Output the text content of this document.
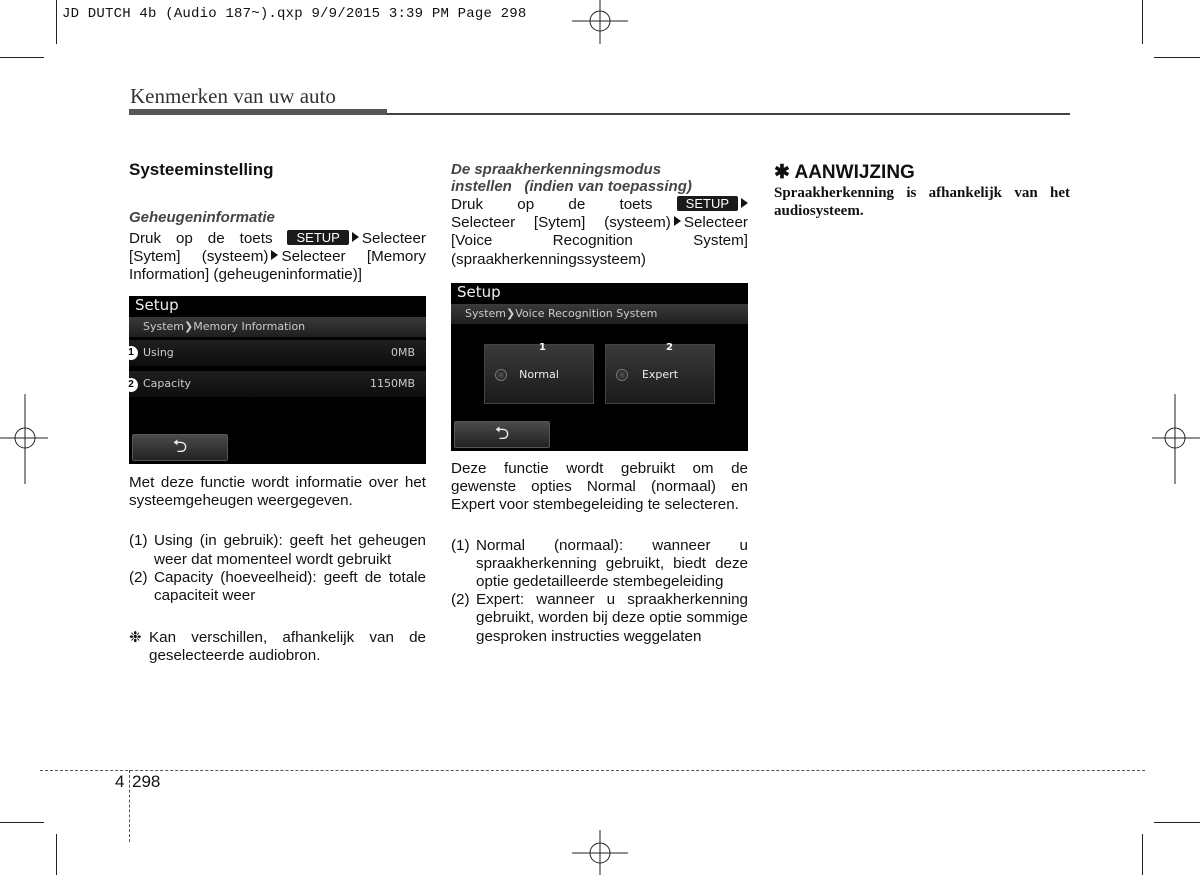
JD DUTCH 4b (Audio 187~).qxp 9/9/2015 3:39 PM Page 298
Kenmerken van uw auto
Systeeminstelling
Geheugeninformatie
Druk op de toets SETUP Selecteer [Sytem] (systeem) Selecteer [Memory Information] (geheugeninformatie)]
Setup
System❯Memory Information
Using	0MB
Capacity	1150MB
⮌
1
2
Met deze functie wordt informatie over het systeemgeheugen weergegeven.
(1) Using (in gebruik): geeft het geheugen weer dat momenteel wordt gebruikt
(2) Capacity (hoeveelheid): geeft de totale capaciteit weer
❉ Kan verschillen, afhankelijk van de geselecteerde audiobron.
De spraakherkenningsmodus
instellen   (indien van toepassing)
Druk op de toets	SETUP

Selecteer [Sytem] (systeem) Selecteer [Voice Recognition System] (spraakherkenningssysteem)
Setup
System❯Voice Recognition System
1
Normal
2
Expert
⮌
Deze functie wordt gebruikt om de gewenste opties Normal (normaal) en Expert voor stembegeleiding te selecteren.
(1) Normal (normaal): wanneer u spraakherkenning gebruikt, biedt deze optie gedetailleerde stembegeleiding
(2) Expert: wanneer u spraakherkenning gebruikt, worden bij deze optie sommige gesproken instructies weggelaten
✱ AANWIJZING
Spraakherkenning is afhankelijk van het audiosysteem.
4 298
